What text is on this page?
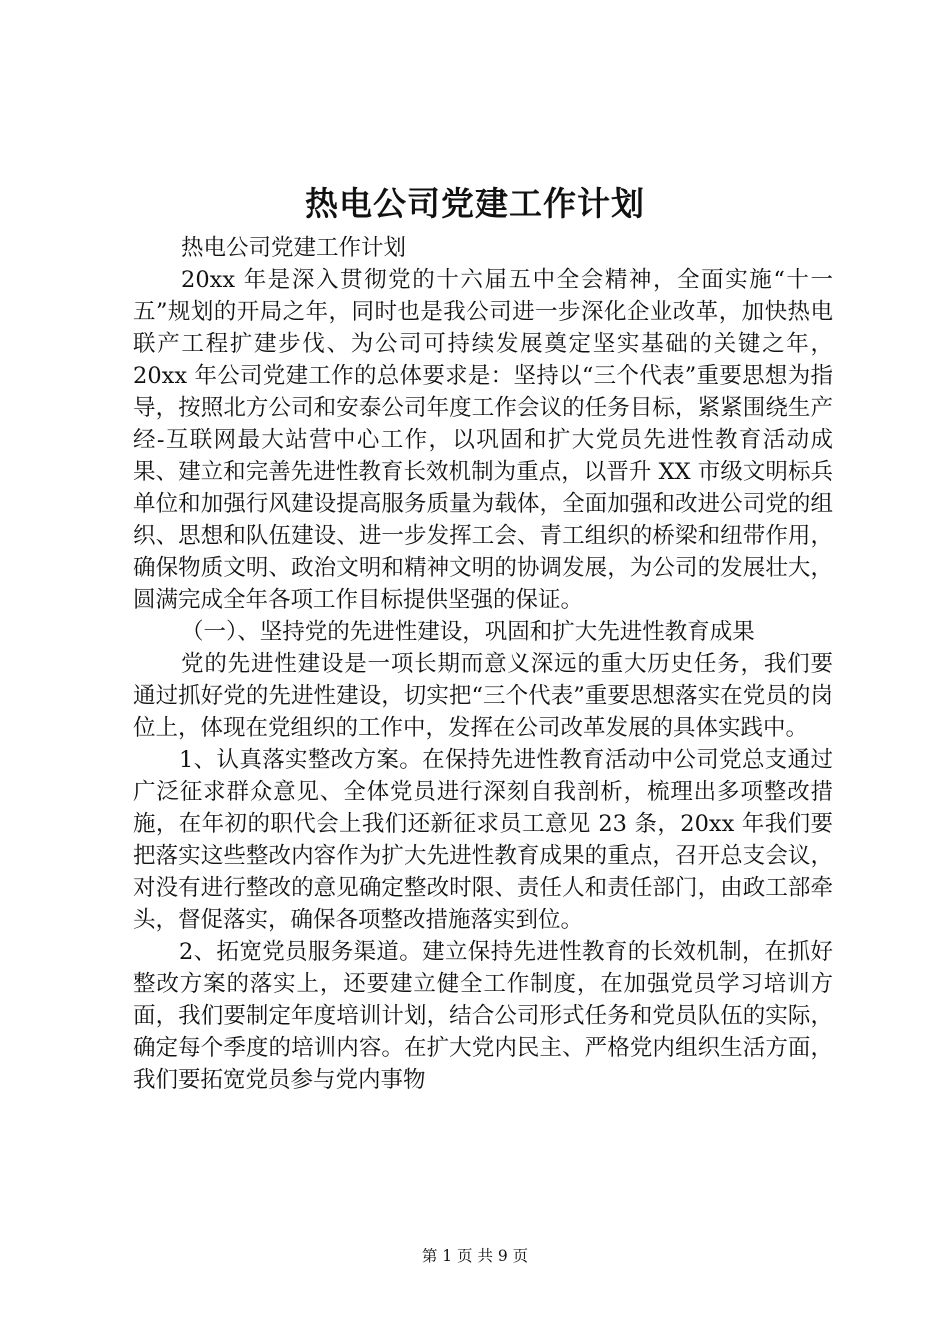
热电公司党建工作计划

热电公司党建工作计划

20xx 年是深入贯彻党的十六届五中全会精神，全面实施“十一五”规划的开局之年，同时也是我公司进一步深化企业改革，加快热电联产工程扩建步伐、为公司可持续发展奠定坚实基础的关键之年，20xx 年公司党建工作的总体要求是：坚持以“三个代表”重要思想为指导，按照北方公司和安泰公司年度工作会议的任务目标，紧紧围绕生产经-互联网最大站营中心工作，以巩固和扩大党员先进性教育活动成果、建立和完善先进性教育长效机制为重点，以晋升 XX 市级文明标兵单位和加强行风建设提高服务质量为载体，全面加强和改进公司党的组织、思想和队伍建设、进一步发挥工会、青工组织的桥梁和纽带作用，确保物质文明、政治文明和精神文明的协调发展，为公司的发展壮大，圆满完成全年各项工作目标提供坚强的保证。

（一）、坚持党的先进性建设，巩固和扩大先进性教育成果

党的先进性建设是一项长期而意义深远的重大历史任务，我们要通过抓好党的先进性建设，切实把“三个代表”重要思想落实在党员的岗位上，体现在党组织的工作中，发挥在公司改革发展的具体实践中。

1、认真落实整改方案。在保持先进性教育活动中公司党总支通过广泛征求群众意见、全体党员进行深刻自我剖析，梳理出多项整改措施，在年初的职代会上我们还新征求员工意见 23 条，20xx 年我们要把落实这些整改内容作为扩大先进性教育成果的重点，召开总支会议，对没有进行整改的意见确定整改时限、责任人和责任部门，由政工部牵头，督促落实，确保各项整改措施落实到位。

2、拓宽党员服务渠道。建立保持先进性教育的长效机制，在抓好整改方案的落实上，还要建立健全工作制度，在加强党员学习培训方面，我们要制定年度培训计划，结合公司形式任务和党员队伍的实际，确定每个季度的培训内容。在扩大党内民主、严格党内组织生活方面，我们要拓宽党员参与党内事物

第 1 页 共 9 页
